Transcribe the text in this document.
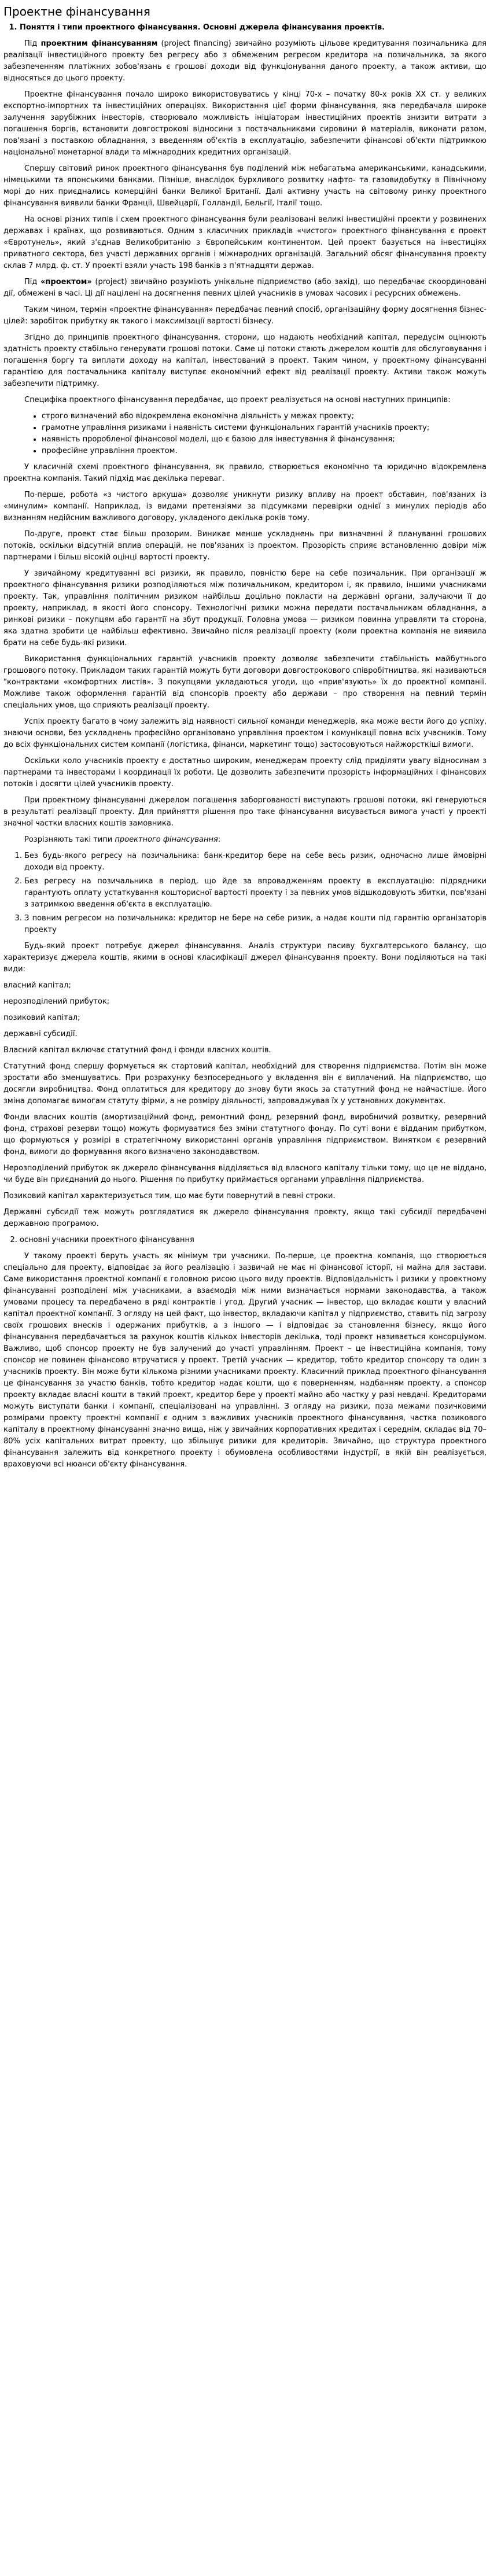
Проектне фінансування
1. Поняття і типи проектного фінансування. Основні джерела фінансування проектів.

Під проектним фінансуванням (project financing) звичайно розуміють цільове кредитування позичальника для реалізації інвестиційного проекту без регресу або з обмеженим регресом кредитора на позичальника, за якого забезпеченням платіжних зобов'язань є грошові доходи від функціонування даного проекту, а також активи, що відносяться до цього проекту.

Проектне фінансування почало широко використовуватись у кінці 70-х – початку 80-х років XX ст. у великих експортно-імпортних та інвестиційних операціях. Використання цієї форми фінансування, яка передбачала широке залучення зарубіжних інвесторів, створювало можливість ініціаторам інвестиційних проектів знизити витрати з погашення боргів, встановити довгострокові відносини з постачальниками сировини й матеріалів, виконати разом, пов'язані з поставкою обладнання, з введенням об'єктів в експлуатацію, забезпечити фінансові об'єкти підтримкою національної монетарної влади та міжнародних кредитних організацій.

Спершу світовий ринок проектного фінансування був поділений між небагатьма американськими, канадськими, німецькими та японськими банками. Пізніше, внаслідок бурхливого розвитку нафто- та газовидобутку в Північному морі до них приєднались комерційні банки Великої Британії. Далі активну участь на світовому ринку проектного фінансування виявили банки Франції, Швейцарії, Голландії, Бельгії, Італії тощо.

На основі різних типів і схем проектного фінансування були реалізовані великі інвестиційні проекти у розвинених державах і країнах, що розвиваються. Одним з класичних прикладів «чистого» проектного фінансування є проект «Євротунель», який з'єднав Великобританію з Європейським континентом. Цей проект базується на інвестиціях приватного сектора, без участі державних органів і міжнародних організацій. Загальний обсяг фінансування проекту склав 7 млрд. ф. ст. У проекті взяли участь 198 банків з п'ятнадцяти держав.

Під «проектом» (project) звичайно розуміють унікальне підприємство (або захід), що передбачає скоординовані дії, обмежені в часі. Ці дії націлені на досягнення певних цілей учасників в умовах часових і ресурсних обмежень.

Таким чином, термін «проектне фінансування» передбачає певний спосіб, організаційну форму досягнення бізнес-цілей: заробіток прибутку як такого і максимізації вартості бізнесу.

Згідно до принципів проектного фінансування, сторони, що надають необхідний капітал, передусім оцінюють здатність проекту стабільно генерувати грошові потоки. Саме ці потоки стають джерелом коштів для обслуговування і погашення боргу та виплати доходу на капітал, інвестований в проект. Таким чином, у проектному фінансуванні гарантією для постачальника капіталу виступає економічний ефект від реалізації проекту. Активи також можуть забезпечити підтримку.

Специфіка проектного фінансування передбачає, що проект реалізується на основі наступних принципів:

• строго визначений або відокремлена економічна діяльність у межах проекту;
• грамотне управління ризиками і наявність системи функціональних гарантій учасників проекту;
• наявність проробленої фінансової моделі, що є базою для інвестування й фінансування;
• професійне управління проектом.

У класичній схемі проектного фінансування, як правило, створюється економічно та юридично відокремлена проектна компанія. Такий підхід має декілька переваг.

По-перше, робота «з чистого аркуша» дозволяє уникнути ризику впливу на проект обставин, пов'язаних із «минулим» компанії. Наприклад, із видами претензіями за підсумками перевірки однієї з минулих періодів або визнанням недійсним важливого договору, укладеного декілька років тому.

По-друге, проект стає більш прозорим. Виникає менше ускладнень при визначенні й плануванні грошових потоків, оскільки відсутній вплив операцій, не пов'язаних із проектом. Прозорість сприяє встановленню довіри між партнерами і більш вісокій оцінці вартості проекту.

У звичайному кредитуванні всі ризики, як правило, повністю бере на себе позичальник. При організації ж проектного фінансування ризики розподіляються між позичальником, кредитором і, як правило, іншими учасниками проекту. Так, управління політичним ризиком найбільш доцільно покласти на державні органи, залучаючи її до проекту, наприклад, в якості його спонсору. Технологічні ризики можна передати постачальникам обладнання, а ринкові ризики – покупцям або гарантії на збут продукції. Головна умова — ризиком повинна управляти та сторона, яка здатна зробити це найбільш ефективно. Звичайно після реалізації проекту (коли проектна компанія не виявила брати на себе будь-які ризики.

Використання функціональних гарантій учасників проекту дозволяє забезпечити стабільність майбутнього грошового потоку. Прикладом таких гарантій можуть бути договори довгострокового співробітництва, які називаються "контрактами «комфортних листів». З покупцями укладаються угоди, що «прив'язують» їх до проектної компанії. Можливе також оформлення гарантій від спонсорів проекту або держави – про створення на певний термін спеціальних умов, що сприяють реалізації проекту.

Успіх проекту багато в чому залежить від наявності сильної команди менеджерів, яка може вести його до успіху, знаючи основи, без ускладнень професійно організовано управління проектом і комунікації повна всіх учасників. Тому до всіх функціональних систем компанії (логістика, фінанси, маркетинг тощо) застосовуються найжорсткіші вимоги.

Оскільки коло учасників проекту є достатньо широким, менеджерам проекту слід приділяти увагу відносинам з партнерами та інвесторами і координації їх роботи. Це дозволить забезпечити прозорість інформаційних і фінансових потоків і досягти цілей учасників проекту.

При проектному фінансуванні джерелом погашення заборгованості виступають грошові потоки, які генеруються в результаті реалізації проекту. Для прийняття рішення про таке фінансування висувається вимога участі у проекті значної частки власних коштів замовника.

Розрізняють такі типи проектного фінансування:

1. Без будь-якого регресу на позичальника: банк-кредитор бере на себе весь ризик, одночасно лише ймовірні доходи від проекту.
2. Без регресу на позичальника в період, що йде за впровадженням проекту в експлуатацію: підрядники гарантують оплату устаткування кошторисної вартості проекту і за певних умов відшкодовують збитки, пов'язані з затримкою введення об'єкта в експлуатацію.
3. З повним регресом на позичальника: кредитор не бере на себе ризик, а надає кошти під гарантію організаторів проекту

Будь-який проект потребує джерел фінансування. Аналіз структури пасиву бухгалтерського балансу, що характеризує джерела коштів, якими в основі класифікації джерел фінансування проекту. Вони поділяються на такі види:

власний капітал;

нерозподілений прибуток;

позиковий капітал;

державні субсидії.

Власний капітал включає статутний фонд і фонди власних коштів.

Статутний фонд спершу формується як стартовий капітал, необхідний для створення підприємства. Потім він може зростати або зменшуватись. При розрахунку безпосереднього у вкладення він є виплачений. На підприємство, що досягли виробництва. Фонд оплатиться для кредитору до знову бути якось за статутний фонд не найчастіше. Його зміна допомагає вимогам статуту фірми, а не розміру діяльності, запроваджував їх у установних документах.

Фонди власних коштів (амортизаційний фонд, ремонтний фонд, резервний фонд, виробничий розвитку, резервний фонд, страхові резерви тощо) можуть формуватися без зміни статутного фонду. По суті вони є відданим прибутком, що формуються у розмірі в стратегічному використанні органів управління підприємством. Винятком є резервний фонд, вимоги до формування якого визначено законодавством.

Нерозподілений прибуток як джерело фінансування відділяється від власного капіталу тільки тому, що це не віддано, чи буде він приєднаний до нього. Рішення по прибутку приймається органами управління підприємства.

Позиковий капітал характеризується тим, що має бути повернутий в певні строки.

Державні субсидії теж можуть розглядатися як джерело фінансування проекту, якщо такі субсидії передбачені державною програмою.

2. основні учасники проектного фінансування

У такому проекті беруть участь як мінімум три учасники. По-перше, це проектна компанія, що створюється спеціально для проекту, відповідає за його реалізацію і зазвичай не має ні фінансової історії, ні майна для застави. Саме використання проектної компанії є головною рисою цього виду проектів. Відповідальність і ризики у проектному фінансуванні розподілені між учасниками, а взаємодія між ними визначається нормами законодавства, а також умовами процесу та передбачено в ряді контрактів і угод. Другий учасник — інвестор, що вкладає кошти у власний капітал проектної компанії. З огляду на цей факт, що інвестор, вкладаючи капітал у підприємство, ставить під загрозу своїх грошових внесків і одержаних прибутків, а з іншого — і відповідає за становлення бізнесу, якщо його фінансування передбачається за рахунок коштів кількох інвесторів декілька, тоді проект називається консорціумом. Важливо, щоб спонсор проекту не був залучений до участі управлінням. Проект – це інвестиційна компанія, тому спонсор не повинен фінансово втручатися у проект. Третій учасник — кредитор, тобто кредитор спонсору та один з учасників проекту. Він може бути кількома різними учасниками проекту. Класичний приклад проектного фінансування це фінансування за участю банків, тобто кредитор надає кошти, що є поверненням, надбанням проекту, а спонсор проекту вкладає власні кошти в такий проект, кредитор бере у проекті майно або частку у разі невдачі. Кредиторами можуть виступати банки і компанії, спеціалізовані на управлінні. З огляду на ризики, поза межами позичковими розмірами проекту проектні компанії є одним з важливих учасників проектного фінансування, частка позикового капіталу в проектному фінансуванні значно вища, ніж у звичайних корпоративних кредитах і середнім, складає від 70–80% усіх капітальних витрат проекту, що збільшує ризики для кредиторів. Звичайно, що структура проектного фінансування залежить від конкретного проекту і обумовлена особливостями індустрії, в якій він реалізується, враховуючи всі нюанси об'єкту фінансування.
